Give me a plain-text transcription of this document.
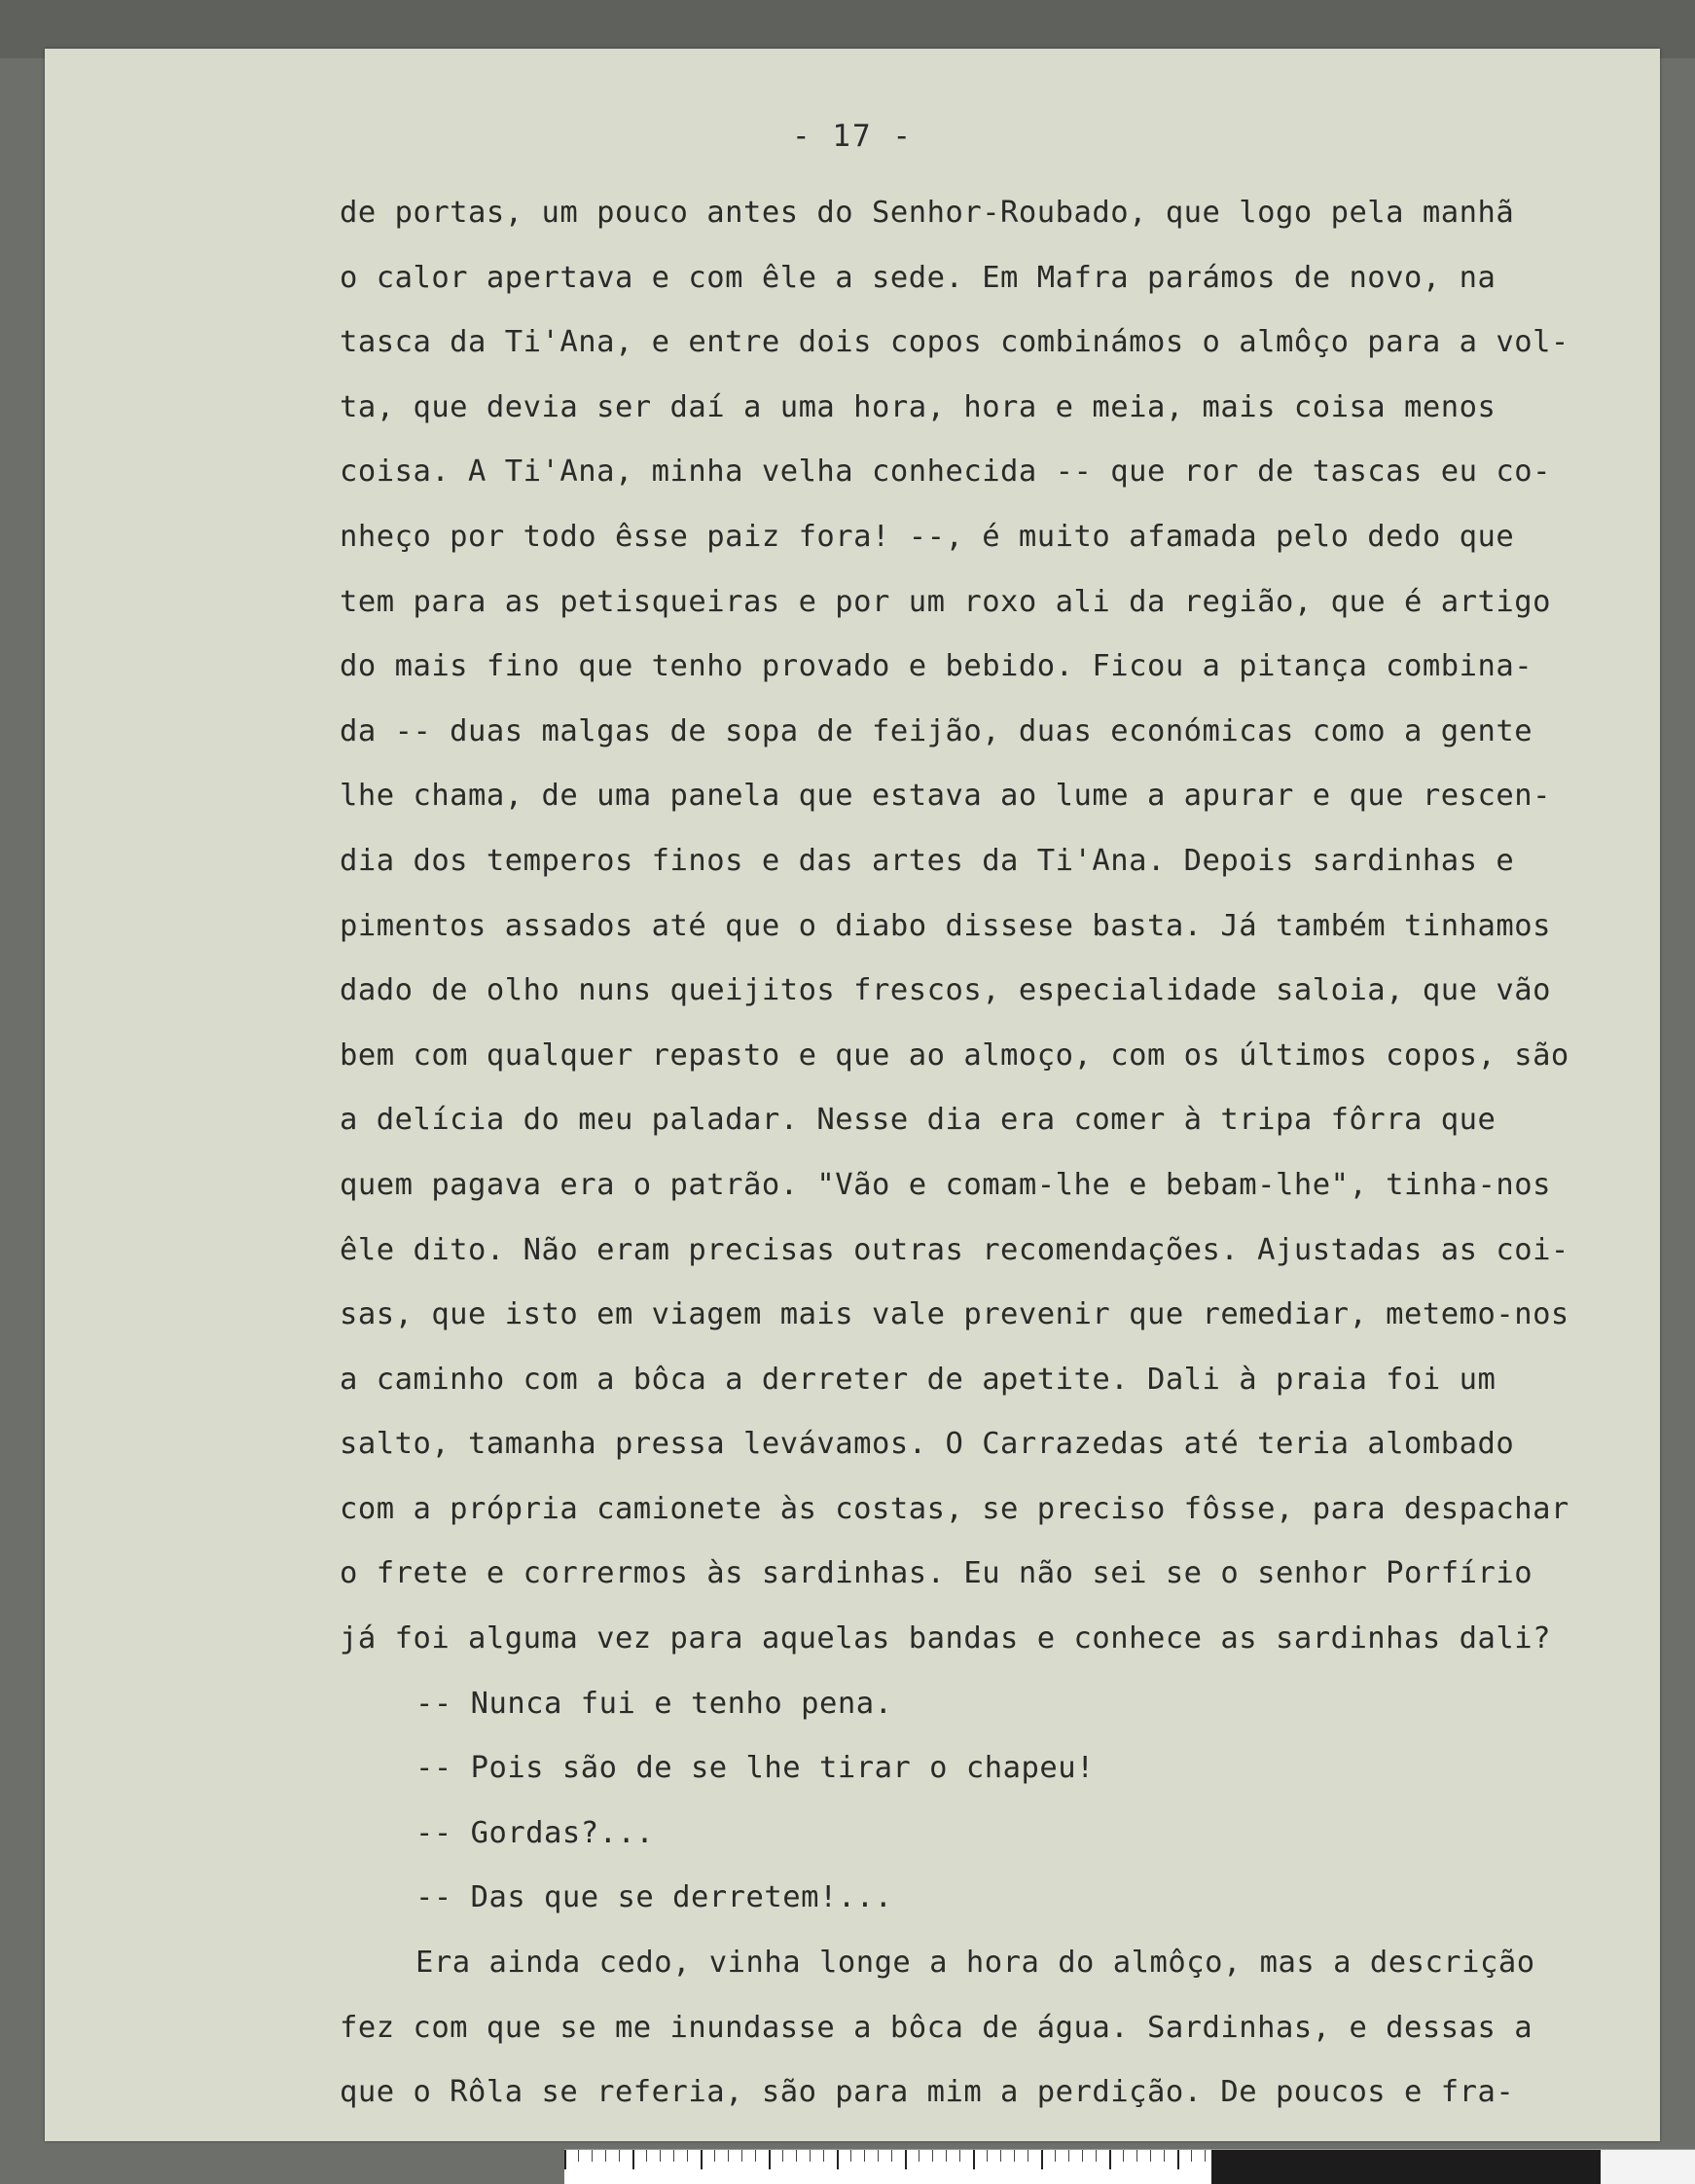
- 17 -
de portas, um pouco antes do Senhor-Roubado, que logo pela manhã
o calor apertava e com êle a sede. Em Mafra parámos de novo, na
tasca da Ti'Ana, e entre dois copos combinámos o almôço para a vol-
ta, que devia ser daí a uma hora, hora e meia, mais coisa menos
coisa. A Ti'Ana, minha velha conhecida -- que ror de tascas eu co-
nheço por todo êsse paiz fora! --, é muito afamada pelo dedo que
tem para as petisqueiras e por um roxo ali da região, que é artigo
do mais fino que tenho provado e bebido. Ficou a pitança combina-
da -- duas malgas de sopa de feijão, duas económicas como a gente
lhe chama, de uma panela que estava ao lume a apurar e que rescen-
dia dos temperos finos e das artes da Ti'Ana. Depois sardinhas e
pimentos assados até que o diabo dissese basta. Já também tinhamos
dado de olho nuns queijitos frescos, especialidade saloia, que vão
bem com qualquer repasto e que ao almoço, com os últimos copos, são
a delícia do meu paladar. Nesse dia era comer à tripa fôrra que
quem pagava era o patrão. "Vão e comam-lhe e bebam-lhe", tinha-nos
êle dito. Não eram precisas outras recomendações. Ajustadas as coi-
sas, que isto em viagem mais vale prevenir que remediar, metemo-nos
a caminho com a bôca a derreter de apetite. Dali à praia foi um
salto, tamanha pressa levávamos. O Carrazedas até teria alombado
com a própria camionete às costas, se preciso fôsse, para despachar
o frete e corrermos às sardinhas. Eu não sei se o senhor Porfírio
já foi alguma vez para aquelas bandas e conhece as sardinhas dali?
-- Nunca fui e tenho pena.
-- Pois são de se lhe tirar o chapeu!
-- Gordas?...
-- Das que se derretem!...
Era ainda cedo, vinha longe a hora do almôço, mas a descrição
fez com que se me inundasse a bôca de água. Sardinhas, e dessas a
que o Rôla se referia, são para mim a perdição. De poucos e fra-
